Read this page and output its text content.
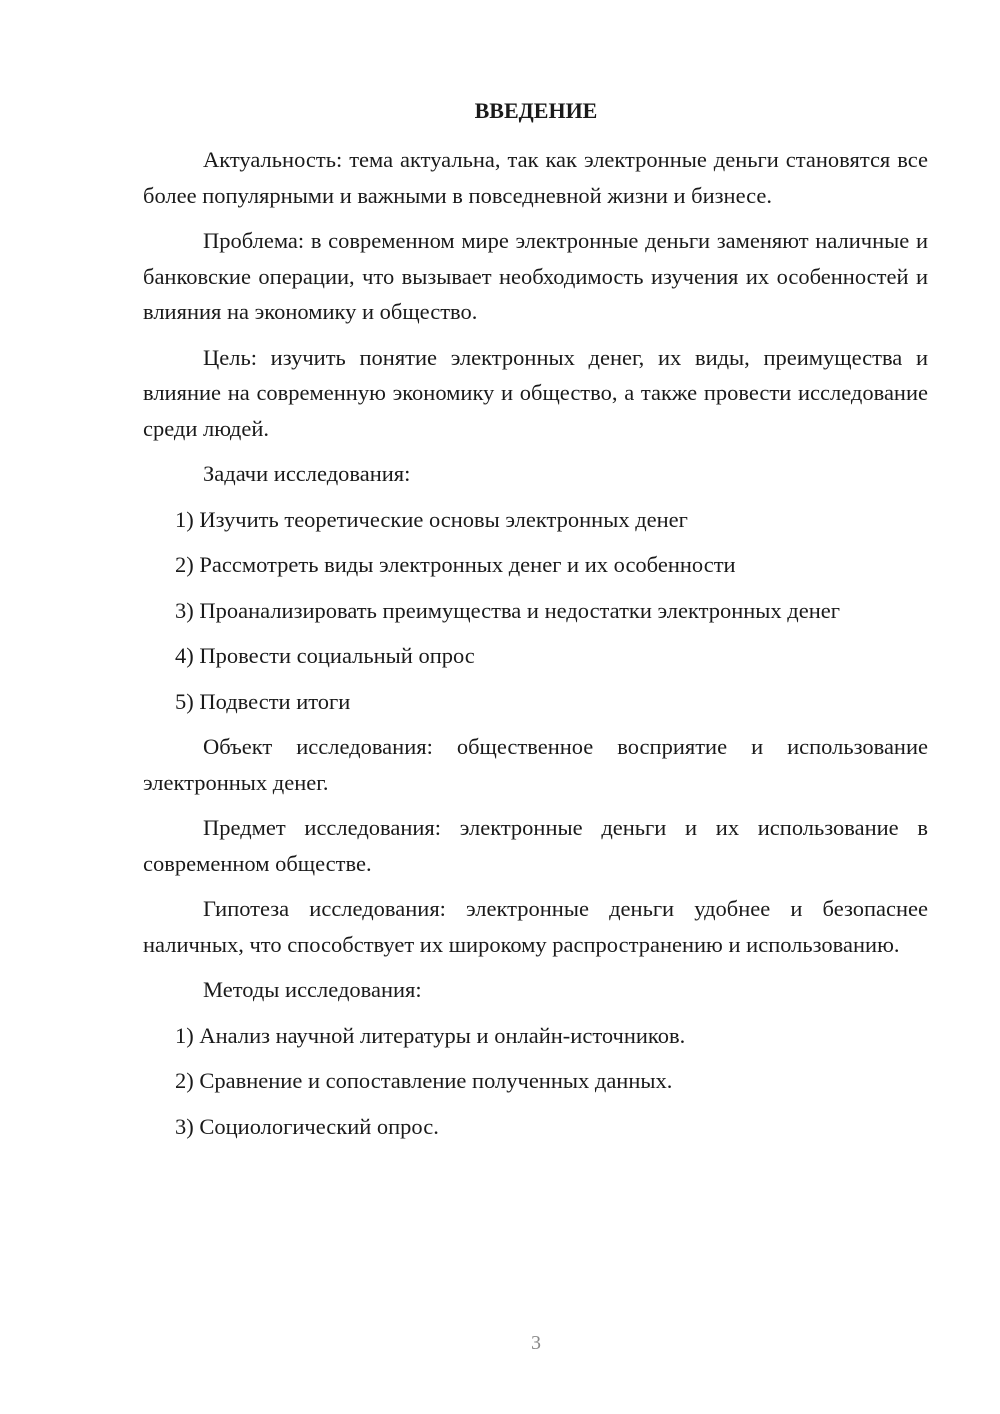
ВВЕДЕНИЕ

Актуальность: тема актуальна, так как электронные деньги становятся все более популярными и важными в повседневной жизни и бизнесе.

Проблема: в современном мире электронные деньги заменяют наличные и банковские операции, что вызывает необходимость изучения их особенностей и влияния на экономику и общество.

Цель: изучить понятие электронных денег, их виды, преимущества и влияние на современную экономику и общество, а также провести исследование среди людей.

Задачи исследования:

1) Изучить теоретические основы электронных денег
2) Рассмотреть виды электронных денег и их особенности
3) Проанализировать преимущества и недостатки электронных денег
4) Провести социальный опрос
5) Подвести итоги

Объект исследования: общественное восприятие и использование электронных денег.

Предмет исследования: электронные деньги и их использование в современном обществе.

Гипотеза исследования: электронные деньги удобнее и безопаснее наличных, что способствует их широкому распространению и использованию.

Методы исследования:

1) Анализ научной литературы и онлайн-источников.
2) Сравнение и сопоставление полученных данных.
3) Социологический опрос.
3
